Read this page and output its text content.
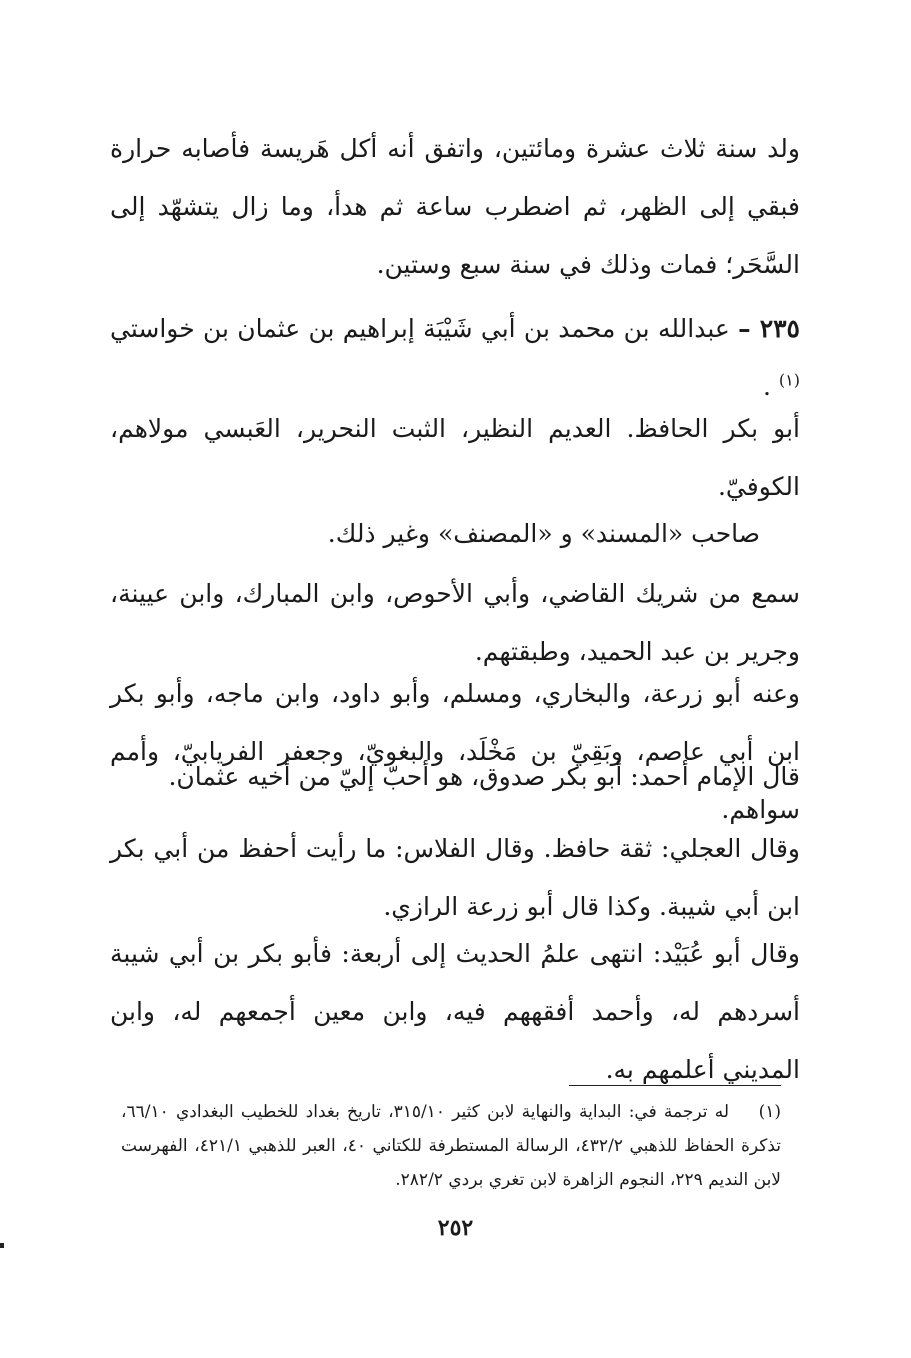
ولد سنة ثلاث عشرة ومائتين، واتفق أنه أكل هَريسة فأصابه حرارة فبقي إلى الظهر، ثم اضطرب ساعة ثم هدأ، وما زال يتشهّد إلى السَّحَر؛ فمات وذلك في سنة سبع وستين.

٢٣٥ – عبدالله بن محمد بن أبي شَيْبَة إبراهيم بن عثمان بن خواستي $^{(١)}$ .

أبو بكر الحافظ. العديم النظير، الثبت النحرير، العَبسي مولاهم، الكوفيّ.

صاحب «المسند» و «المصنف» وغير ذلك.

سمع من شريك القاضي، وأبي الأحوص، وابن المبارك، وابن عيينة، وجرير بن عبد الحميد، وطبقتهم.

وعنه أبو زرعة، والبخاري، ومسلم، وأبو داود، وابن ماجه، وأبو بكر ابن أبي عاصم، وبَقِيّ بن مَخْلَد، والبغويّ، وجعفر الفريابيّ، وأمم سواهم.

قال الإمام أحمد: أبو بكر صدوق، هو أحبّ إليّ من أخيه عثمان.

وقال العجلي: ثقة حافظ. وقال الفلاس: ما رأيت أحفظ من أبي بكر ابن أبي شيبة. وكذا قال أبو زرعة الرازي.

وقال أبو عُبَيْد: انتهى علمُ الحديث إلى أربعة: فأبو بكر بن أبي شيبة أسردهم له، وأحمد أفقههم فيه، وابن معين أجمعهم له، وابن المديني أعلمهم به.

(١)له ترجمة في: البداية والنهاية لابن كثير ٣١٥/١٠، تاريخ بغداد للخطيب البغدادي ٦٦/١٠، تذكرة الحفاظ للذهبي ٤٣٢/٢، الرسالة المستطرفة للكتاني ٤٠، العبر للذهبي ٤٢١/١، الفهرست لابن النديم ٢٢٩، النجوم الزاهرة لابن تغري بردي ٢٨٢/٢.

٢٥٢
